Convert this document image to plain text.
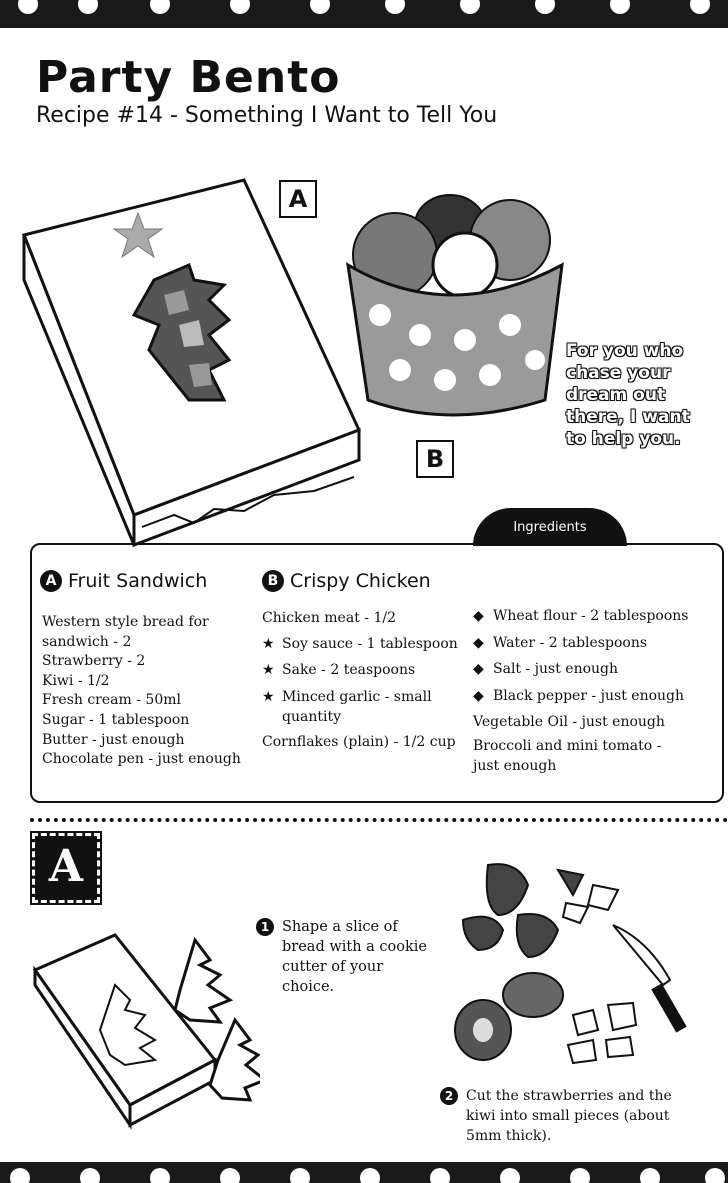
Party Bento
Recipe #14 - Something I Want to Tell You
A
B
For you who
chase your
dream out
there, I want
to help you.
Ingredients
A Fruit Sandwich	B Crispy Chicken
Western style bread for
sandwich - 2
Strawberry - 2
Kiwi - 1/2
Fresh cream - 50ml
Sugar - 1 tablespoon
Butter - just enough
Chocolate pen - just enough
Chicken meat - 1/2
★ Soy sauce - 1 tablespoon
★ Sake - 2 teaspoons
★ Minced garlic - small
quantity
Cornflakes (plain) - 1/2 cup
◆ Wheat flour - 2 tablespoons
◆ Water - 2 tablespoons
◆ Salt - just enough
◆ Black pepper - just enough
Vegetable Oil - just enough
Broccoli and mini tomato -
just enough
A
1 Shape a slice of
bread with a cookie
cutter of your
choice.
2 Cut the strawberries and the
kiwi into small pieces (about
5mm thick).
